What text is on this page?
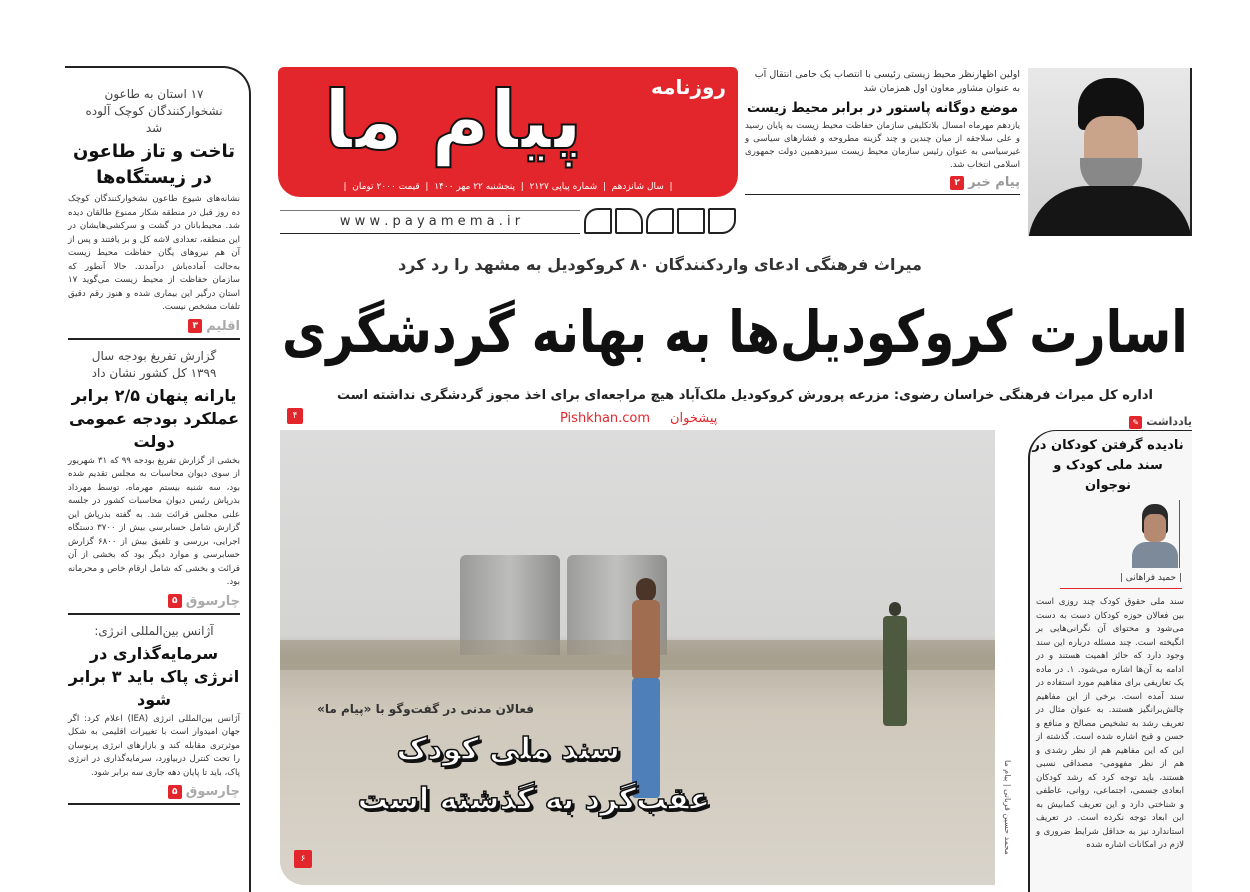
۱۷ استان به طاعون نشخوارکنندگان کوچک آلوده شد
تاخت و تاز طاعون در زیستگاه‌ها
نشانه‌های شیوع طاعون نشخوارکنندگان کوچک ده روز قبل در منطقه شکار ممنوع طالقان دیده شد. محیط‌بانان در گشت و سرکشی‌هایشان در این منطقه، تعدادی لاشه کل و بز یافتند و پس از آن هم نیروهای یگان حفاظت محیط زیست به‌حالت آماده‌باش درآمدند. حالا آنطور که سازمان حفاظت از محیط زیست می‌گوید ۱۷ استان درگیر این بیماری شده و هنوز رقم دقیق تلفات مشخص نیست.
اقلیم
۳
گزارش تفریغ بودجه سال ۱۳۹۹ کل کشور نشان داد
یارانه پنهان ۲/۵ برابر عملکرد بودجه عمومی دولت
بخشی از گزارش تفریغ بودجه ۹۹ که ۳۱ شهریور از سوی دیوان محاسبات به مجلس تقدیم شده بود، سه شنبه بیستم مهرماه، توسط مهرداد بذرپاش رئیس دیوان محاسبات کشور در جلسه علنی مجلس قرائت شد. به گفته بذرپاش این گزارش شامل حسابرسی بیش از ۳۷۰۰ دستگاه اجرایی، بررسی و تلفیق بیش از ۶۸۰۰ گزارش حسابرسی و موارد دیگر بود که بخشی از آن قرائت و بخشی که شامل ارقام خاص و محرمانه بود.
چارسوق
۵
آژانس بین‌المللی انرژی:
سرمایه‌گذاری در انرژی پاک باید ۳ برابر شود
آژانس بین‌المللی انرژی (IEA) اعلام کرد: اگر جهان امیدوار است با تغییرات اقلیمی به شکل موثرتری مقابله کند و بازارهای انرژی پرنوسان را تحت کنترل دربیاورد، سرمایه‌گذاری در انرژی پاک، باید تا پایان دهه جاری سه برابر شود.
چارسوق
۵
روزنامه
پیام ما
|  سال شانزدهم  |  شماره پیاپی ۲۱۲۷  |  پنجشنبه ۲۲ مهر ۱۴۰۰  |  قیمت ۲۰۰۰ تومان  |
w w w . p a y a m e m a . i r
اولین اظهارنظر محیط زیستی رئیسی با انتصاب یک حامی انتقال آب
به عنوان مشاور معاون اول همزمان شد
موضع دوگانه پاستور در برابر محیط زیست
یازدهم مهرماه امسال بلاتکلیفی سازمان حفاظت محیط زیست به پایان رسید و علی سلاجقه از میان چندین و چند گزینه مطروحه و فشارهای سیاسی و غیرسیاسی به عنوان رئیس سازمان محیط زیست سیزدهمین دولت جمهوری اسلامی انتخاب شد.
پیام خبر
۲
میراث فرهنگی ادعای واردکنندگان ۸۰ کروکودیل به مشهد را رد کرد
اسارت کروکودیل‌ها به بهانه گردشگری
اداره کل میراث فرهنگی خراسان رضوی: مزرعه پرورش کروکودیل ملک‌آباد هیچ مراجعه‌ای برای اخذ مجوز گردشگری نداشته است
۴	Pishkhan.com پیشخوان
فعالان مدنی در گفت‌وگو با «پیام ما»
سند ملی کودک
عقب‌گرد به گذشته است
۶
محمد حسین قربانی | پیام ما
یادداشت
✎
نادیده گرفتن کودکان در سند ملی کودک و نوجوان
| حمید فراهانی |
سند ملی حقوق کودک چند روزی است بین فعالان حوزه کودکان دست به دست می‌شود و محتوای آن نگرانی‌هایی بر انگیخته است. چند مسئله درباره این سند وجود دارد که حائز اهمیت هستند و در ادامه به آن‌ها اشاره می‌شود. ۱. در ماده یک تعاریفی برای مفاهیم مورد استفاده در سند آمده است. برخی از این مفاهیم چالش‌برانگیز هستند. به عنوان مثال در تعریف رشد به تشخیص مصالح و منافع و حسن و قبح اشاره شده است. گذشته از این که این مفاهیم هم از نظر رشدی و هم از نظر مفهومی- مصداقی نسبی هستند، باید توجه کرد که رشد کودکان ابعادی جسمی، اجتماعی، روانی، عاطفی و شناختی دارد و این تعریف کمابیش به این ابعاد توجه نکرده است. در تعریف استاندارد نیز به حداقل شرایط ضروری و لازم در امکانات اشاره شده
